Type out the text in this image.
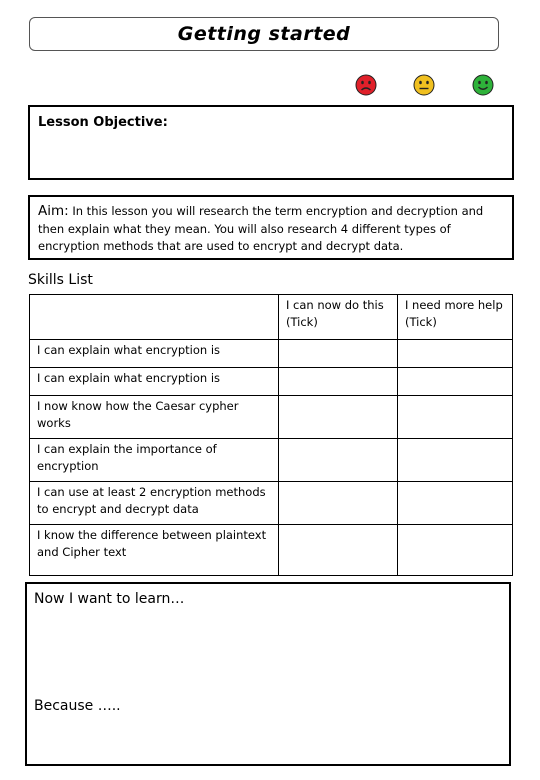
Getting started
Lesson Objective:
Aim: In this lesson you will research the term encryption and decryption and then explain what they mean. You will also research 4 different types of encryption methods that are used to encrypt and decrypt data.
Skills List
	I can now do this (Tick)	I need more help (Tick)
I can explain what encryption is		
I can explain what encryption is		
I now know how the Caesar cypher works		
I can explain the importance of encryption		
I can use at least 2 encryption methods to encrypt and decrypt data		
I know the difference between plaintext and Cipher text		
Now I want to learn…
Because …..
